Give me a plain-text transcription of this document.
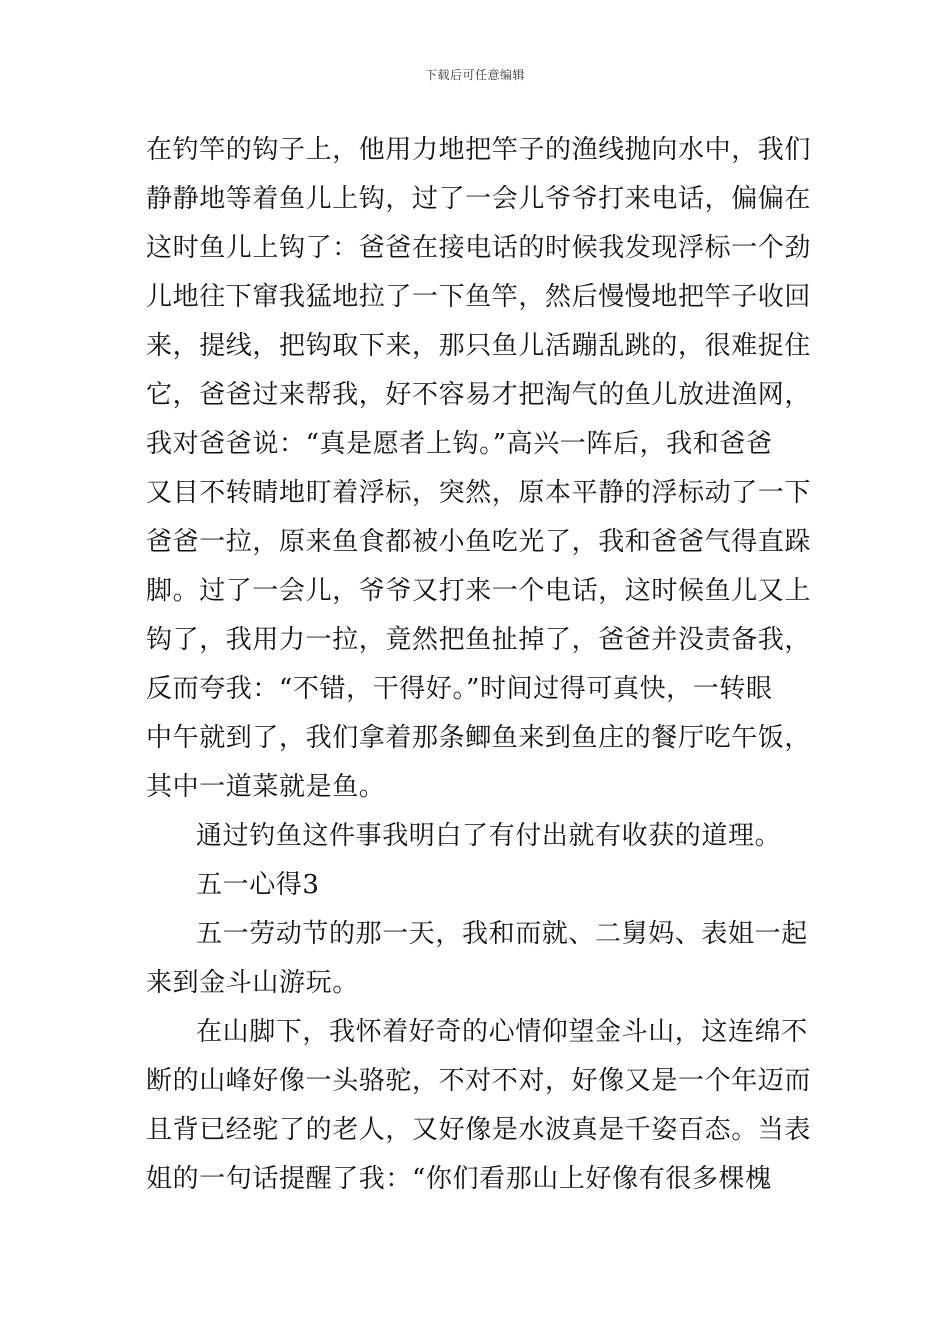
下载后可任意编辑
在钓竿的钩子上，他用力地把竿子的渔线抛向水中，我们
静静地等着鱼儿上钩，过了一会儿爷爷打来电话，偏偏在
这时鱼儿上钩了：爸爸在接电话的时候我发现浮标一个劲
儿地往下窜我猛地拉了一下鱼竿，然后慢慢地把竿子收回
来，提线，把钩取下来，那只鱼儿活蹦乱跳的，很难捉住
它，爸爸过来帮我，好不容易才把淘气的鱼儿放进渔网，
我对爸爸说：“真是愿者上钩。”高兴一阵后，我和爸爸
又目不转睛地盯着浮标，突然，原本平静的浮标动了一下
爸爸一拉，原来鱼食都被小鱼吃光了，我和爸爸气得直跺
脚。过了一会儿，爷爷又打来一个电话，这时候鱼儿又上
钩了，我用力一拉，竟然把鱼扯掉了，爸爸并没责备我，
反而夸我：“不错，干得好。”时间过得可真快，一转眼
中午就到了，我们拿着那条鲫鱼来到鱼庄的餐厅吃午饭，
其中一道菜就是鱼。
通过钓鱼这件事我明白了有付出就有收获的道理。
五一心得3
五一劳动节的那一天，我和而就、二舅妈、表姐一起
来到金斗山游玩。
在山脚下，我怀着好奇的心情仰望金斗山，这连绵不
断的山峰好像一头骆驼，不对不对，好像又是一个年迈而
且背已经驼了的老人，又好像是水波真是千姿百态。当表
姐的一句话提醒了我：“你们看那山上好像有很多棵槐
